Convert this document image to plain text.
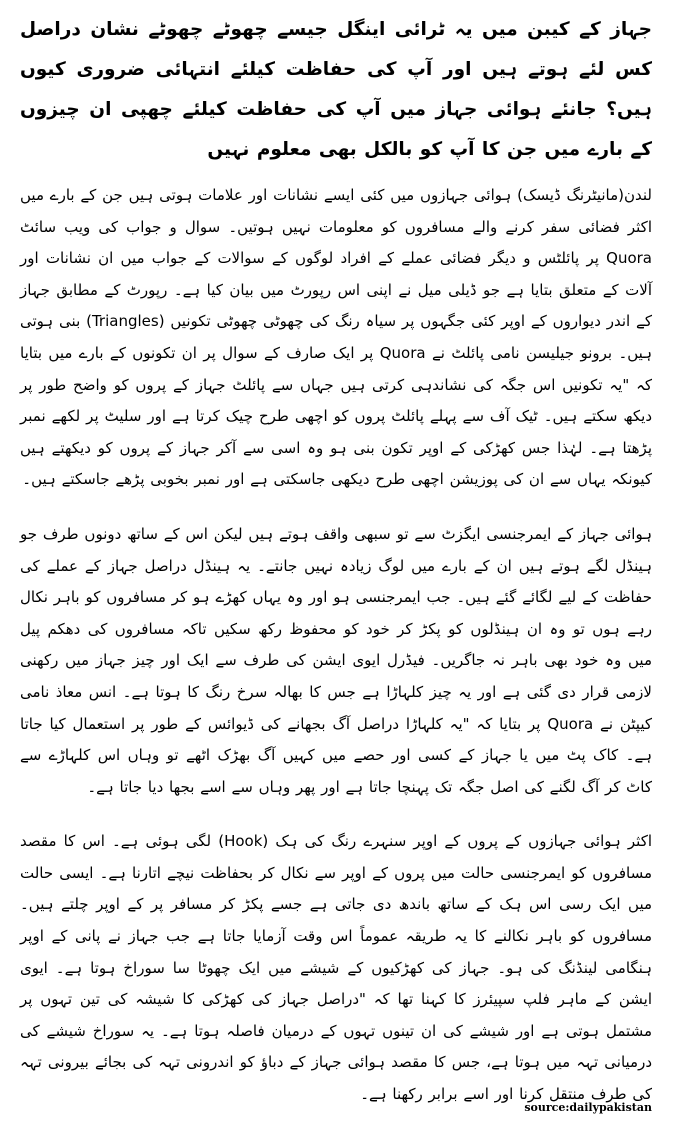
جہاز کے کیبن میں یہ ٹرائی اینگل جیسے چھوٹے چھوٹے نشان دراصل کس لئے ہوتے ہیں اور آپ کی حفاظت کیلئے انتہائی ضروری کیوں ہیں؟ جانئے ہوائی جہاز میں آپ کی حفاظت کیلئے چھپی ان چیزوں کے بارے میں جن کا آپ کو بالکل بھی معلوم نہیں

لندن(مانیٹرنگ ڈیسک) ہوائی جہازوں میں کئی ایسے نشانات اور علامات ہوتی ہیں جن کے بارے میں اکثر فضائی سفر کرنے والے مسافروں کو معلومات نہیں ہوتیں۔ سوال و جواب کی ویب سائٹ Quora پر پائلٹس و دیگر فضائی عملے کے افراد لوگوں کے سوالات کے جواب میں ان نشانات اور آلات کے متعلق بتایا ہے جو ڈیلی میل نے اپنی اس رپورٹ میں بیان کیا ہے۔ رپورٹ کے مطابق جہاز کے اندر دیواروں کے اوپر کئی جگہوں پر سیاہ رنگ کی چھوٹی چھوٹی تکونیں (Triangles) بنی ہوتی ہیں۔ برونو جیلیسن نامی پائلٹ نے Quora پر ایک صارف کے سوال پر ان تکونوں کے بارے میں بتایا کہ "یہ تکونیں اس جگہ کی نشاندہی کرتی ہیں جہاں سے پائلٹ جہاز کے پروں کو واضح طور پر دیکھ سکتے ہیں۔ ٹیک آف سے پہلے پائلٹ پروں کو اچھی طرح چیک کرتا ہے اور سلیٹ پر لکھے نمبر پڑھتا ہے۔ لہٰذا جس کھڑکی کے اوپر تکون بنی ہو وہ اسی سے آکر جہاز کے پروں کو دیکھتے ہیں کیونکہ یہاں سے ان کی پوزیشن اچھی طرح دیکھی جاسکتی ہے اور نمبر بخوبی پڑھے جاسکتے ہیں۔

ہوائی جہاز کے ایمرجنسی ایگزٹ سے تو سبھی واقف ہوتے ہیں لیکن اس کے ساتھ دونوں طرف جو ہینڈل لگے ہوتے ہیں ان کے بارے میں لوگ زیادہ نہیں جانتے۔ یہ ہینڈل دراصل جہاز کے عملے کی حفاظت کے لیے لگائے گئے ہیں۔ جب ایمرجنسی ہو اور وہ یہاں کھڑے ہو کر مسافروں کو باہر نکال رہے ہوں تو وہ ان ہینڈلوں کو پکڑ کر خود کو محفوظ رکھ سکیں تاکہ مسافروں کی دھکم پیل میں وہ خود بھی باہر نہ جاگریں۔ فیڈرل ایوی ایشن کی طرف سے ایک اور چیز جہاز میں رکھنی لازمی قرار دی گئی ہے اور یہ چیز کلہاڑا ہے جس کا بھالہ سرخ رنگ کا ہوتا ہے۔ انس معاذ نامی کیپٹن نے Quora پر بتایا کہ "یہ کلہاڑا دراصل آگ بجھانے کی ڈیوائس کے طور پر استعمال کیا جاتا ہے۔ کاک پٹ میں یا جہاز کے کسی اور حصے میں کہیں آگ بھڑک اٹھے تو وہاں اس کلہاڑے سے کاٹ کر آگ لگنے کی اصل جگہ تک پہنچا جاتا ہے اور پھر وہاں سے اسے بجھا دیا جاتا ہے۔

اکثر ہوائی جہازوں کے پروں کے اوپر سنہرے رنگ کی ہک (Hook) لگی ہوئی ہے۔ اس کا مقصد مسافروں کو ایمرجنسی حالت میں پروں کے اوپر سے نکال کر بحفاظت نیچے اتارنا ہے۔ ایسی حالت میں ایک رسی اس ہک کے ساتھ باندھ دی جاتی ہے جسے پکڑ کر مسافر پر کے اوپر چلتے ہیں۔ مسافروں کو باہر نکالنے کا یہ طریقہ عموماً اس وقت آزمایا جاتا ہے جب جہاز نے پانی کے اوپر ہنگامی لینڈنگ کی ہو۔ جہاز کی کھڑکیوں کے شیشے میں ایک چھوٹا سا سوراخ ہوتا ہے۔ ایوی ایشن کے ماہر فلپ سپیئرز کا کہنا تھا کہ "دراصل جہاز کی کھڑکی کا شیشہ کی تین تہوں پر مشتمل ہوتی ہے اور شیشے کی ان تینوں تہوں کے درمیان فاصلہ ہوتا ہے۔ یہ سوراخ شیشے کی درمیانی تہہ میں ہوتا ہے، جس کا مقصد ہوائی جہاز کے دباؤ کو اندرونی تہہ کی بجائے بیرونی تہہ کی طرف منتقل کرنا اور اسے برابر رکھنا ہے۔

source:dailypakistan
